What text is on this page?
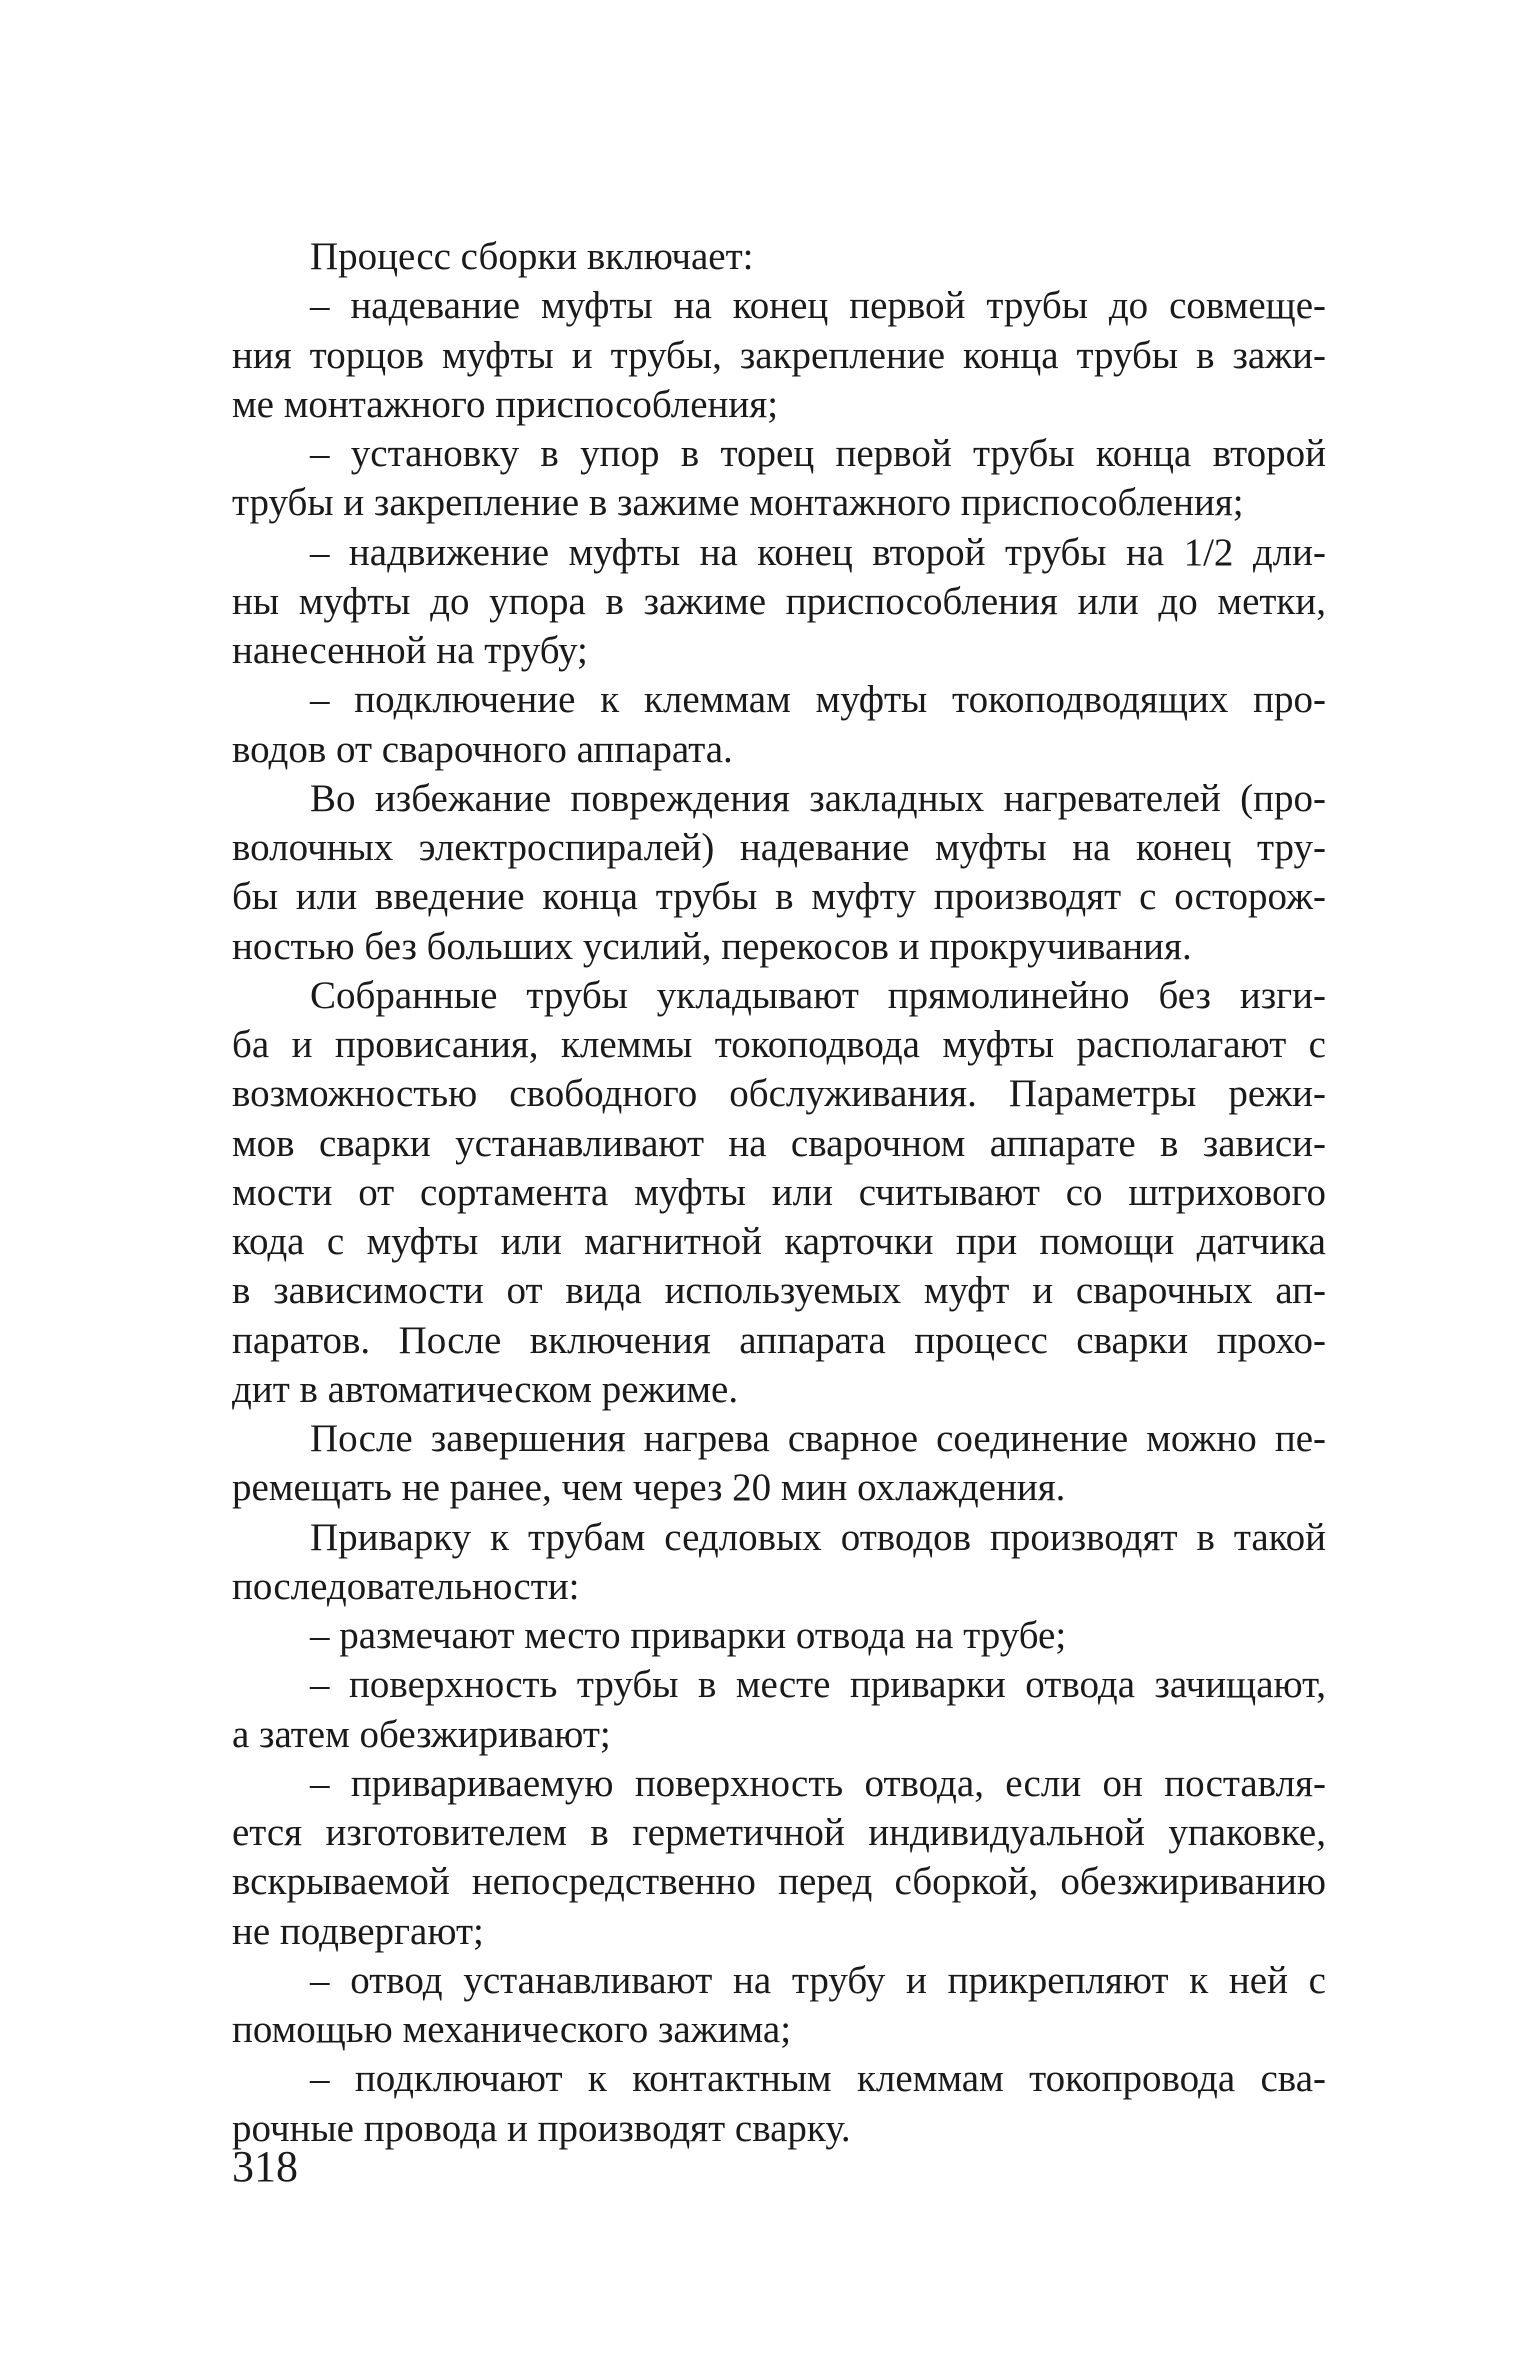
Процесс сборки включает:
– надевание муфты на конец первой трубы до совмеще-
ния торцов муфты и трубы, закрепление конца трубы в зажи-
ме монтажного приспособления;
– установку в упор в торец первой трубы конца второй
трубы и закрепление в зажиме монтажного приспособления;
– надвижение муфты на конец второй трубы на 1/2 дли-
ны муфты до упора в зажиме приспособления или до метки,
нанесенной на трубу;
– подключение к клеммам муфты токоподводящих про-
водов от сварочного аппарата.
Во избежание повреждения закладных нагревателей (про-
волочных электроспиралей) надевание муфты на конец тру-
бы или введение конца трубы в муфту производят с осторож-
ностью без больших усилий, перекосов и прокручивания.
Собранные трубы укладывают прямолинейно без изги-
ба и провисания, клеммы токоподвода муфты располагают с
возможностью свободного обслуживания. Параметры режи-
мов сварки устанавливают на сварочном аппарате в зависи-
мости от сортамента муфты или считывают со штрихового
кода с муфты или магнитной карточки при помощи датчика
в зависимости от вида используемых муфт и сварочных ап-
паратов. После включения аппарата процесс сварки прохо-
дит в автоматическом режиме.
После завершения нагрева сварное соединение можно пе-
ремещать не ранее, чем через 20 мин охлаждения.
Приварку к трубам седловых отводов производят в такой
последовательности:
– размечают место приварки отвода на трубе;
– поверхность трубы в месте приварки отвода зачищают,
а затем обезжиривают;
– привариваемую поверхность отвода, если он поставля-
ется изготовителем в герметичной индивидуальной упаковке,
вскрываемой непосредственно перед сборкой, обезжириванию
не подвергают;
– отвод устанавливают на трубу и прикрепляют к ней с
помощью механического зажима;
– подключают к контактным клеммам токопровода сва-
рочные провода и производят сварку.

318
